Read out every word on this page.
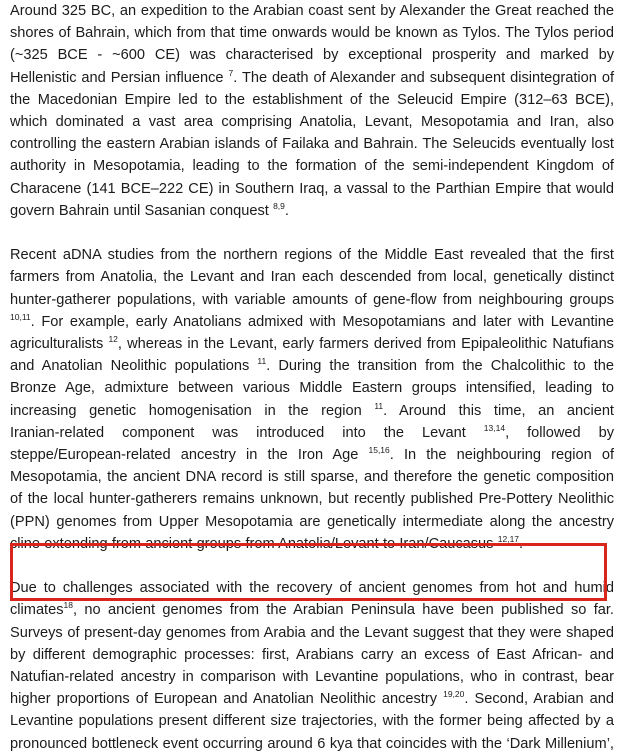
Around 325 BC, an expedition to the Arabian coast sent by Alexander the Great reached the
shores of Bahrain, which from that time onwards would be known as Tylos. The Tylos period
(~325 BCE - ~600 CE) was characterised by exceptional prosperity and marked by
Hellenistic and Persian influence $^7$. The death of Alexander and subsequent disintegration of
the Macedonian Empire led to the establishment of the Seleucid Empire (312–63 BCE),
which dominated a vast area comprising Anatolia, Levant, Mesopotamia and Iran, also
controlling the eastern Arabian islands of Failaka and Bahrain. The Seleucids eventually lost
authority in Mesopotamia, leading to the formation of the semi-independent Kingdom of
Characene (141 BCE–222 CE) in Southern Iraq, a vassal to the Parthian Empire that would
govern Bahrain until Sasanian conquest $^{8,9}$.

Recent aDNA studies from the northern regions of the Middle East revealed that the first
farmers from Anatolia, the Levant and Iran each descended from local, genetically distinct
hunter-gatherer populations, with variable amounts of gene-flow from neighbouring groups
$^{10,11}$. For example, early Anatolians admixed with Mesopotamians and later with Levantine
agriculturalists $^{12}$, whereas in the Levant, early farmers derived from Epipaleolithic Natufians
and Anatolian Neolithic populations $^{11}$. During the transition from the Chalcolithic to the
Bronze Age, admixture between various Middle Eastern groups intensified, leading to
increasing genetic homogenisation in the region $^{11}$. Around this time, an ancient
Iranian-related component was introduced into the Levant $^{13,14}$, followed by
steppe/European-related ancestry in the Iron Age $^{15,16}$. In the neighbouring region of
Mesopotamia, the ancient DNA record is still sparse, and therefore the genetic composition
of the local hunter-gatherers remains unknown, but recently published Pre-Pottery Neolithic
(PPN) genomes from Upper Mesopotamia are genetically intermediate along the ancestry
cline extending from ancient groups from Anatolia/Levant to Iran/Caucasus $^{12,17}$.

Due to challenges associated with the recovery of ancient genomes from hot and humid
climates$^{18}$, no ancient genomes from the Arabian Peninsula have been published so far.
Surveys of present-day genomes from Arabia and the Levant suggest that they were shaped
by different demographic processes: first, Arabians carry an excess of East African- and
Natufian-related ancestry in comparison with Levantine populations, who in contrast, bear
higher proportions of European and Anatolian Neolithic ancestry $^{19,20}$. Second, Arabian and
Levantine populations present different size trajectories, with the former being affected by a
pronounced bottleneck event occurring around 6 kya that coincides with the ‘Dark Millenium’,
